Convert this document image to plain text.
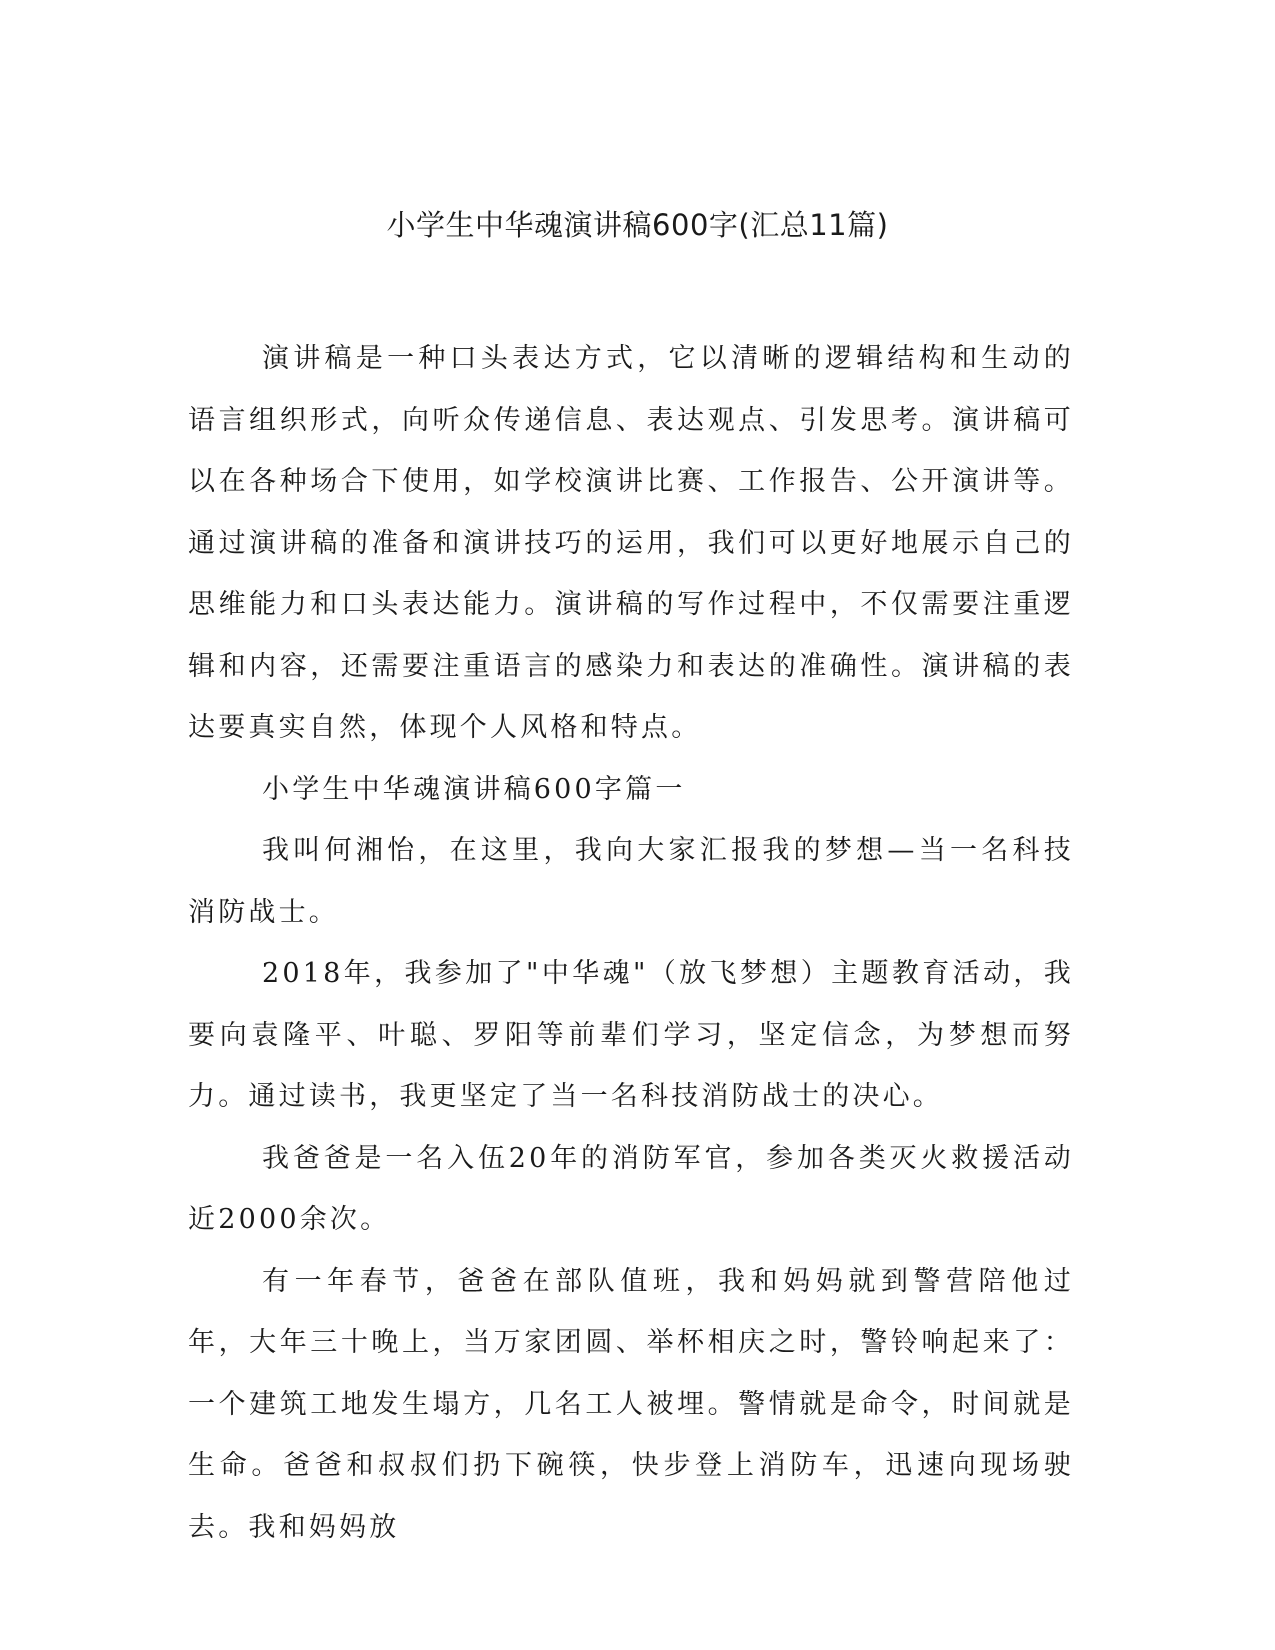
小学生中华魂演讲稿600字(汇总11篇)

演讲稿是一种口头表达方式，它以清晰的逻辑结构和生动的语言组织形式，向听众传递信息、表达观点、引发思考。演讲稿可以在各种场合下使用，如学校演讲比赛、工作报告、公开演讲等。通过演讲稿的准备和演讲技巧的运用，我们可以更好地展示自己的思维能力和口头表达能力。演讲稿的写作过程中，不仅需要注重逻辑和内容，还需要注重语言的感染力和表达的准确性。演讲稿的表达要真实自然，体现个人风格和特点。

小学生中华魂演讲稿600字篇一

我叫何湘怡，在这里，我向大家汇报我的梦想—当一名科技消防战士。

2018年，我参加了"中华魂"（放飞梦想）主题教育活动，我要向袁隆平、叶聪、罗阳等前辈们学习，坚定信念，为梦想而努力。通过读书，我更坚定了当一名科技消防战士的决心。

我爸爸是一名入伍20年的消防军官，参加各类灭火救援活动近2000余次。

有一年春节，爸爸在部队值班，我和妈妈就到警营陪他过年，大年三十晚上，当万家团圆、举杯相庆之时，警铃响起来了：一个建筑工地发生塌方，几名工人被埋。警情就是命令，时间就是生命。爸爸和叔叔们扔下碗筷，快步登上消防车，迅速向现场驶去。我和妈妈放
